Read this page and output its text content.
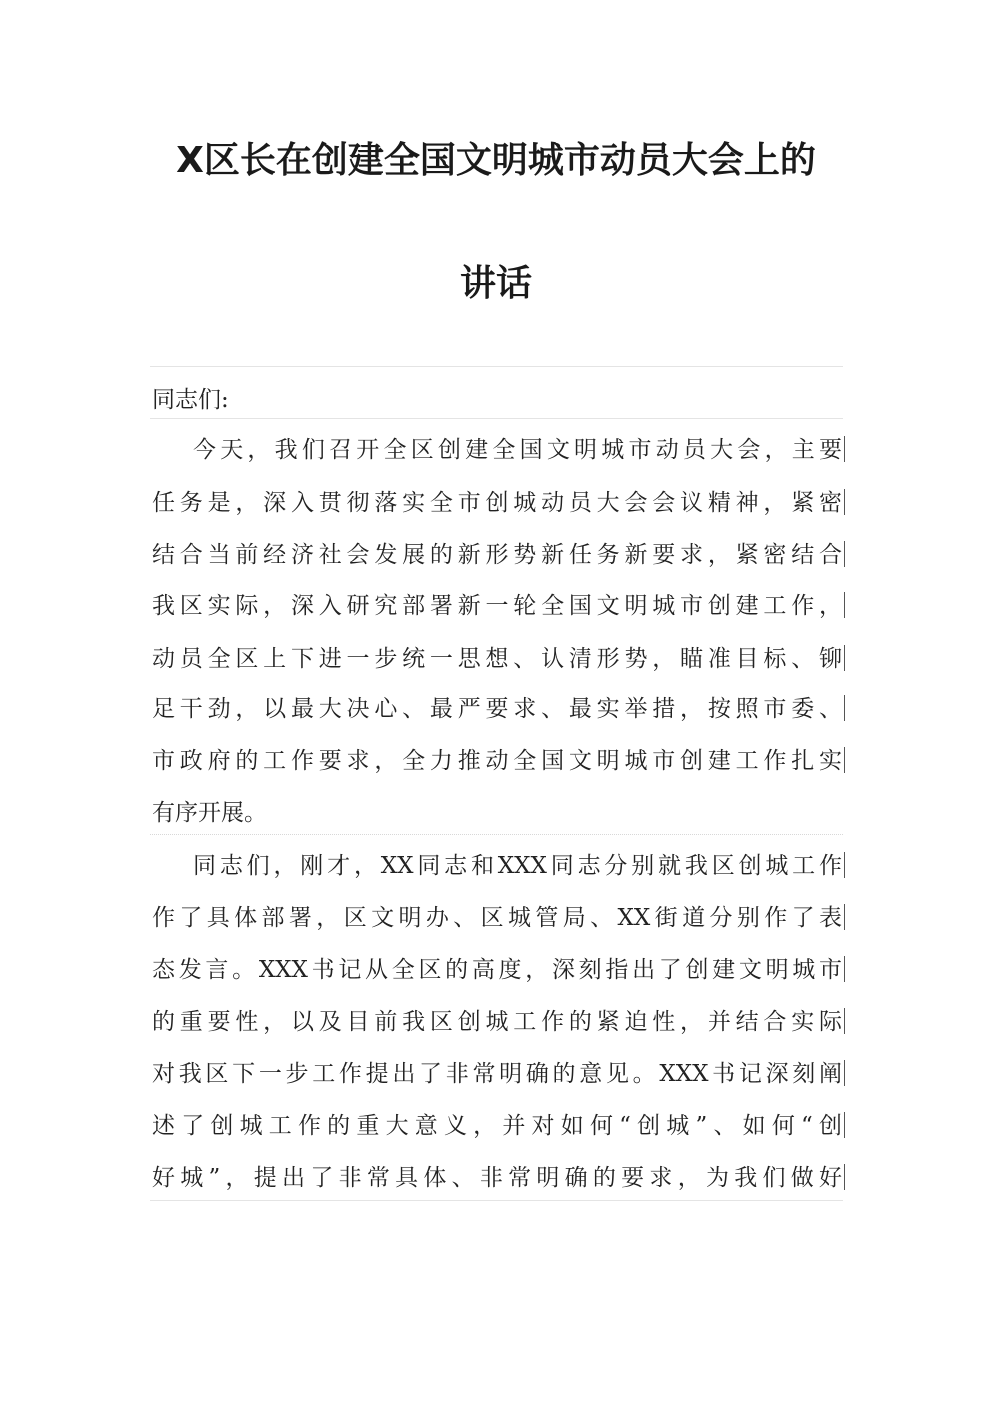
X区长在创建全国文明城市动员大会上的
讲话
同志们:
今天，我们召开全区创建全国文明城市动员大会，主要
任务是，深入贯彻落实全市创城动员大会会议精神，紧密
结合当前经济社会发展的新形势新任务新要求，紧密结合
我区实际，深入研究部署新一轮全国文明城市创建工作，
动员全区上下进一步统一思想、认清形势，瞄准目标、铆
足干劲，以最大决心、最严要求、最实举措，按照市委、
市政府的工作要求，全力推动全国文明城市创建工作扎实
有序开展。
同志们，刚才，XX同志和XXX同志分别就我区创城工作
作了具体部署，区文明办、区城管局、XX街道分别作了表
态发言。XXX书记从全区的高度，深刻指出了创建文明城市
的重要性，以及目前我区创城工作的紧迫性，并结合实际
对我区下一步工作提出了非常明确的意见。XXX书记深刻阐
述了创城工作的重大意义，并对如何“创城”、如何“创
好城”，提出了非常具体、非常明确的要求，为我们做好
